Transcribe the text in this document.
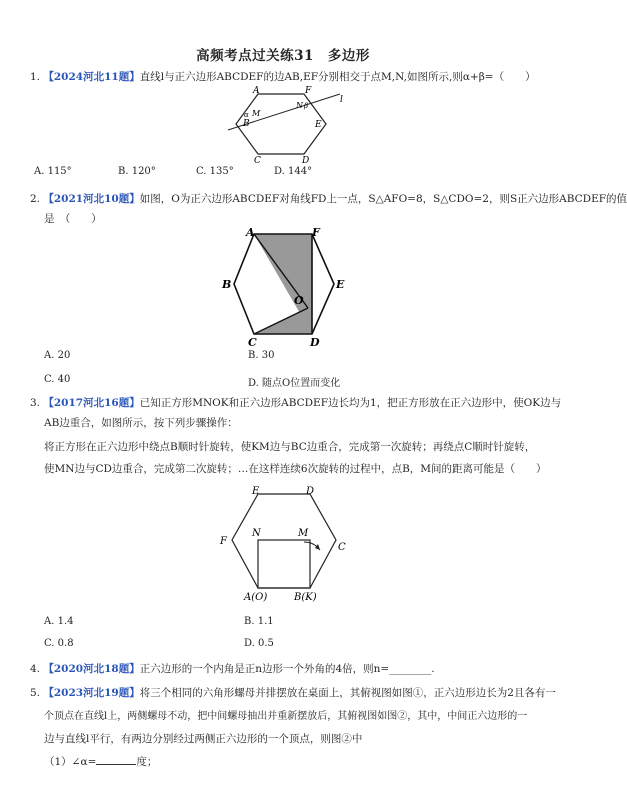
高频考点过关练31　多边形
1. 【2024河北11题】直线l与正六边形ABCDEF的边AB,EF分别相交于点M,N,如图所示,则α+β=（　　）
A	F
N
l
β
α M
B	E
C	D
A. 115°	B. 120°	C. 135°	D. 144°
2. 【2021河北10题】如图，O为正六边形ABCDEF对角线FD上一点，S△AFO=8，S△CDO=2，则S正六边形ABCDEF的值
是　（　　）
A	F
B
O
E
C	D
A. 20	B. 30
C. 40	D. 随点O位置而变化
3. 【2017河北16题】已知正方形MNOK和正六边形ABCDEF边长均为1，把正方形放在正六边形中，使OK边与
AB边重合，如图所示，按下列步骤操作：
将正方形在正六边形中绕点B顺时针旋转，使KM边与BC边重合，完成第一次旋转；再绕点C顺时针旋转，
使MN边与CD边重合，完成第二次旋转；…在这样连续6次旋转的过程中，点B，M间的距离可能是（　　）
E	D
N	M
F
C
A(O)	B(K)
A. 1.4	B. 1.1
C. 0.8	D. 0.5
4. 【2020河北18题】正六边形的一个内角是正n边形一个外角的4倍，则n=________.
5. 【2023河北19题】将三个相同的六角形螺母并排摆放在桌面上，其俯视图如图①，正六边形边长为2且各有一
个顶点在直线l上，两侧螺母不动，把中间螺母抽出并重新摆放后，其俯视图如图②，其中，中间正六边形的一
边与直线l平行，有两边分别经过两侧正六边形的一个顶点，则图②中
（1）∠α=	度；
